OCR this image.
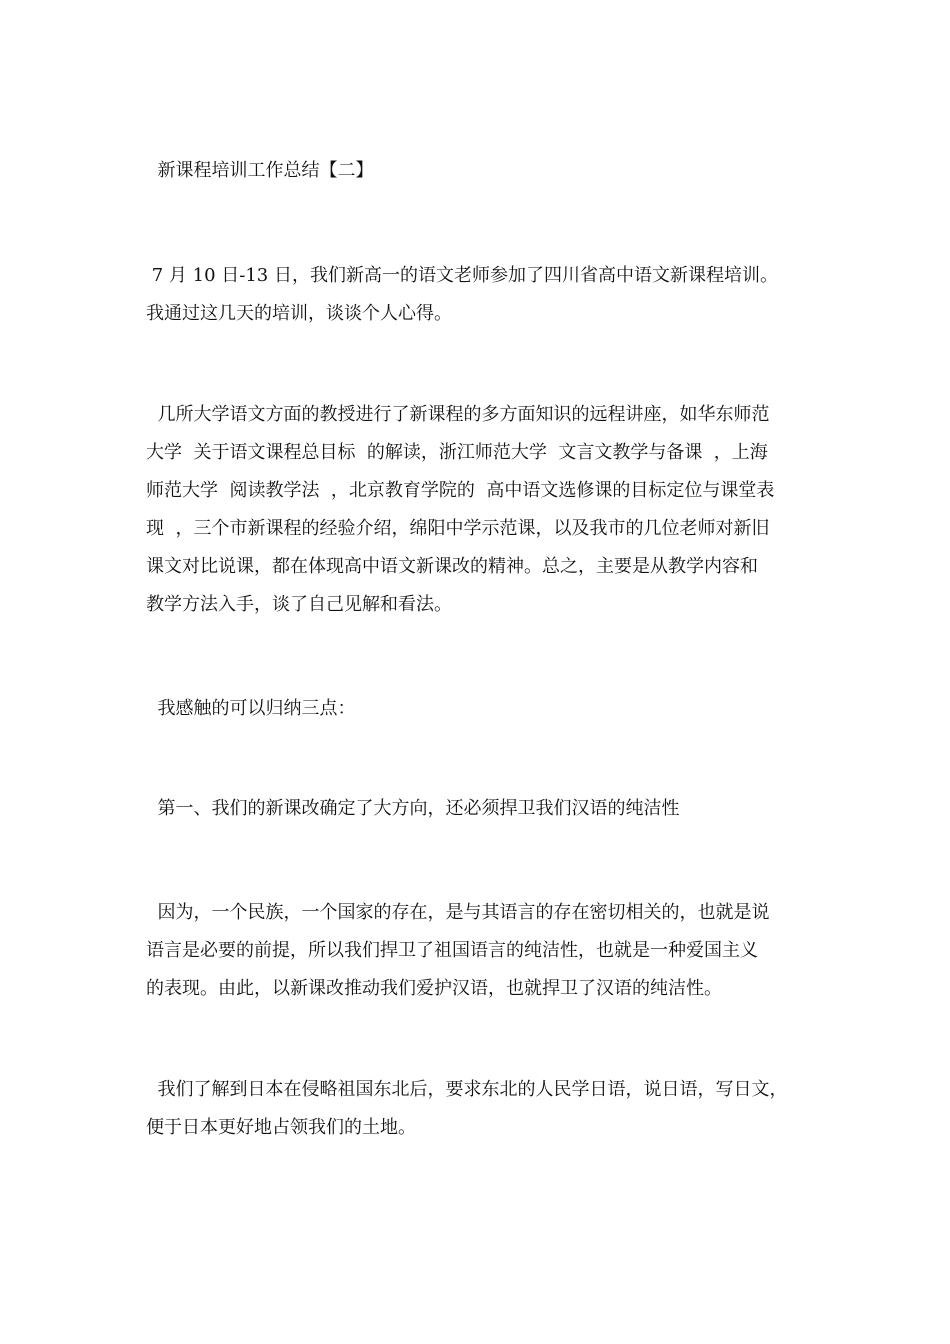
新课程培训工作总结【二】
7 月 10 日-13 日，我们新高一的语文老师参加了四川省高中语文新课程培训。
我通过这几天的培训，谈谈个人心得。
几所大学语文方面的教授进行了新课程的多方面知识的远程讲座，如华东师范
大学  关于语文课程总目标  的解读，浙江师范大学  文言文教学与备课  ，上海
师范大学  阅读教学法  ，北京教育学院的  高中语文选修课的目标定位与课堂表
现  ，三个市新课程的经验介绍，绵阳中学示范课，以及我市的几位老师对新旧
课文对比说课，都在体现高中语文新课改的精神。总之，主要是从教学内容和
教学方法入手，谈了自己见解和看法。
我感触的可以归纳三点：
第一、我们的新课改确定了大方向，还必须捍卫我们汉语的纯洁性
因为，一个民族，一个国家的存在，是与其语言的存在密切相关的，也就是说
语言是必要的前提，所以我们捍卫了祖国语言的纯洁性，也就是一种爱国主义
的表现。由此，以新课改推动我们爱护汉语，也就捍卫了汉语的纯洁性。
我们了解到日本在侵略祖国东北后，要求东北的人民学日语，说日语，写日文，
便于日本更好地占领我们的土地。
